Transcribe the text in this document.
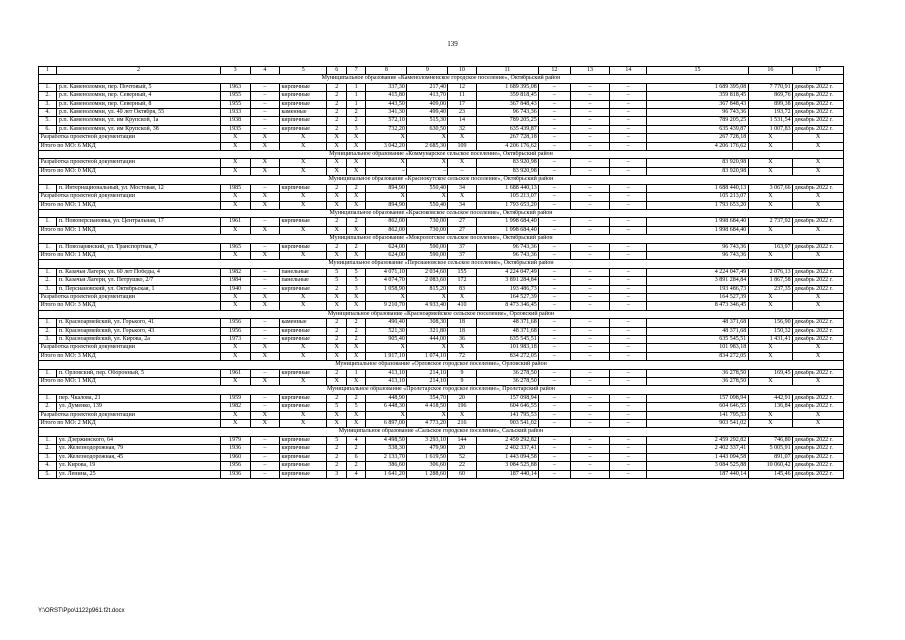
139
1	2	3	4	5	6	7	8	9	10	11	12	13	14	15	16	17
Муниципальное образование «Каменоломненское городское поселение», Октябрьский район																
1.	р.п. Каменоломни, пер. Почтовый, 5	1963	–	кирпичные	2	1	337,30	217,40	12	1 689 395,08	–	–	–	1 689 395,08	7 770,91	декабрь 2022 г.
2.	р.п. Каменоломни, пер. Северный, 4	1955	–	кирпичные	2	1	415,80	413,70	11	359 818,45	–	–	–	359 818,45	869,76	декабрь 2022 г.
3.	р.п. Каменоломни, пер. Северный, 8	1955	–	кирпичные	2	1	443,50	409,00	17	367 848,43	–	–	–	367 848,43	899,38	декабрь 2022 г.
4.	р.п. Каменоломни, ул. 40 лет Октября, 55	1933	–	каменные	2	2	341,30	499,40	23	96 743,36	–	–	–	96 743,36	193,72	декабрь 2022 г.
5.	р.п. Каменоломни, ул. им Крупской, 1а	1938	–	кирпичные	2	2	572,10	515,30	14	789 205,25	–	–	–	789 205,25	1 531,54	декабрь 2022 г.
6.	р.п. Каменоломни, ул. им Крупской, 38	1935	–	кирпичные	2	3	732,20	630,50	32	635 439,87	–	–	–	635 439,87	1 007,83	декабрь 2022 г.
Разработка проектной документации		X	X	X	X	X	X	X	X	267 728,18	–	–	–	267 728,18	X	X
Итого по МО: 6 МКД		X	X	X	X	X	3 042,20	2 685,30	109	4 206 176,62	–	–	–	4 206 176,62	X	X
Муниципальное образование «Коммунарское сельское поселение», Октябрьский район																
Разработка проектной документации		X	X	X	X	X	X	X	X	83 920,98	–	–	–	83 920,98	X	X
Итого по МО: 0 МКД		X	X	X	X	X	–	–	–	83 920,98	–	–	–	83 920,98	X	X
Муниципальное образование «Краснокутское сельское поселение», Октябрьский район																
1.	п. Интернациональный, ул. Мостовая, 12	1985	–	кирпичные	2	2	894,90	550,40	34	1 688 440,13	–	–	–	1 688 440,13	3 067,66	декабрь 2022 г.
Разработка проектной документации		X	X	X	X	X	X	X	X	105 213,07	–	–	–	105 213,07	X	X
Итого по МО: 1 МКД		X	X	X	X	X	894,90	550,40	34	1 793 653,20	–	–	–	1 793 653,20	X	X
Муниципальное образование «Красюковское сельское поселение», Октябрьский район																
1.	п. Новоперсиановка, ул. Центральная, 17	1961	–	кирпичные	2	2	862,00	730,00	27	1 998 684,40	–	–	–	1 998 684,40	2 737,92	декабрь 2022 г.
Итого по МО: 1 МКД		X	X	X	X	X	862,00	730,00	27	1 998 684,40	–	–	–	1 998 684,40	X	X
Муниципальное образование «Мокрологское сельское поселение», Октябрьский район																
1.	п. Новозарянский, ул. Транспортная, 7	1965	–	кирпичные	2	2	624,00	590,00	37	96 743,36	–	–	–	96 743,36	163,97	декабрь 2022 г.
Итого по МО: 1 МКД		X	X	X	X	X	624,00	590,00	37	96 743,36	–	–	–	96 743,36	X	X
Муниципальное образование «Персиановское сельское поселение», Октябрьский район																
1.	п. Казачьи Лагери, ул. 60 лет Победы, 4	1982	–	панельные	5	5	4 071,10	2 034,60	155	4 224 047,49	–	–	–	4 224 047,49	2 076,13	декабрь 2022 г.
2.	п. Казачьи Лагери, ул. Петрушко, 2/7	1984	–	панельные	5	5	4 074,70	2 083,60	172	3 891 284,84	–	–	–	3 891 284,84	1 867,58	декабрь 2022 г.
3.	п. Персиановский, ул. Октябрьская, 1	1940	–	кирпичные	2	3	1 058,90	815,20	83	193 486,73	–	–	–	193 486,73	237,35	декабрь 2022 г.
Разработка проектной документации		X	X	X	X	X	X	X	X	164 527,39	–	–	–	164 527,39	X	X
Итого по МО: 3 МКД		X	X	X	X	X	9 210,70	4 933,40	410	8 473 346,45	–	–	–	8 473 346,45	X	X
Муниципальное образование «Красноармейское сельское поселение», Орловский район																
1.	п. Красноармейский, ул. Горького, 41	1956	–	каменные	2	2	490,40	308,30	18	48 371,68	–	–	–	48 371,68	156,90	декабрь 2022 г.
2.	п. Красноармейский, ул. Горького, 43	1956	–	кирпичные	2	2	521,30	321,80	18	48 371,68	–	–	–	48 371,68	150,32	декабрь 2022 г.
3.	п. Красноармейский, ул. Кирова, 2а	1973	–	кирпичные	2	2	905,40	444,00	36	635 545,51	–	–	–	635 545,51	1 431,41	декабрь 2022 г.
Разработка проектной документации		X	X	X	X	X	X	X	X	101 983,18	–	–	–	101 983,18	X	X
Итого по МО: 3 МКД		X	X	X	X	X	1 917,10	1 074,10	72	834 272,05	–	–	–	834 272,05	X	X
Муниципальное образование «Орловское городское поселение», Орловский район																
1.	п. Орловский, пер. Оборонный, 5	1961	–	кирпичные	2	1	413,10	214,10	9	36 278,50	–	–	–	36 278,50	169,45	декабрь 2022 г.
Итого по МО: 1 МКД		X	X	X	X	X	413,10	214,10	9	36 278,50	–	–	–	36 278,50	X	X
Муниципальное образование «Пролетарское городское поселение», Пролетарский район																
1.	пер. Чкалова, 21	1959	–	кирпичные	2	2	448,90	354,70	20	157 098,94	–	–	–	157 098,94	442,91	декабрь 2022 г.
2.	ул. Думенко, 139	1982	–	кирпичные	5	5	6 448,30	4 418,50	196	604 646,55	–	–	–	604 646,55	136,84	декабрь 2022 г.
Разработка проектной документации		X	X	X	X	X	X	X	X	141 795,53	–	–	–	141 795,53	X	X
Итого по МО: 2 МКД		X	X	X	X	X	6 897,00	4 773,20	216	903 541,02	–	–	–	903 541,02	X	X
Муниципальное образование «Сальское городское поселение», Сальский район																
1.	ул. Дзержинского, 64	1979	–	кирпичные	5	4	4 498,50	3 293,10	144	2 459 292,82	–	–	–	2 459 292,82	746,80	декабрь 2022 г.
2.	ул. Железнодорожная, 79	1936	–	кирпичные	2	2	538,30	479,90	20	2 402 337,41	–	–	–	2 402 337,41	5 005,91	декабрь 2022 г.
3.	ул. Железнодорожная, 45	1960	–	кирпичные	2	6	2 133,70	1 619,50	52	1 443 094,58	–	–	–	1 443 094,58	891,07	декабрь 2022 г.
4.	ул. Кирова, 19	1956	–	кирпичные	2	2	386,60	306,60	22	3 084 525,88	–	–	–	3 084 525,88	10 060,42	декабрь 2022 г.
5.	ул. Ленина, 25	1936	–	кирпичные	3	4	1 641,20	1 288,60	60	187 440,14	–	–	–	187 440,14	145,46	декабрь 2022 г.
Y:\ORST\Ppo\1122p961.f2t.docx
